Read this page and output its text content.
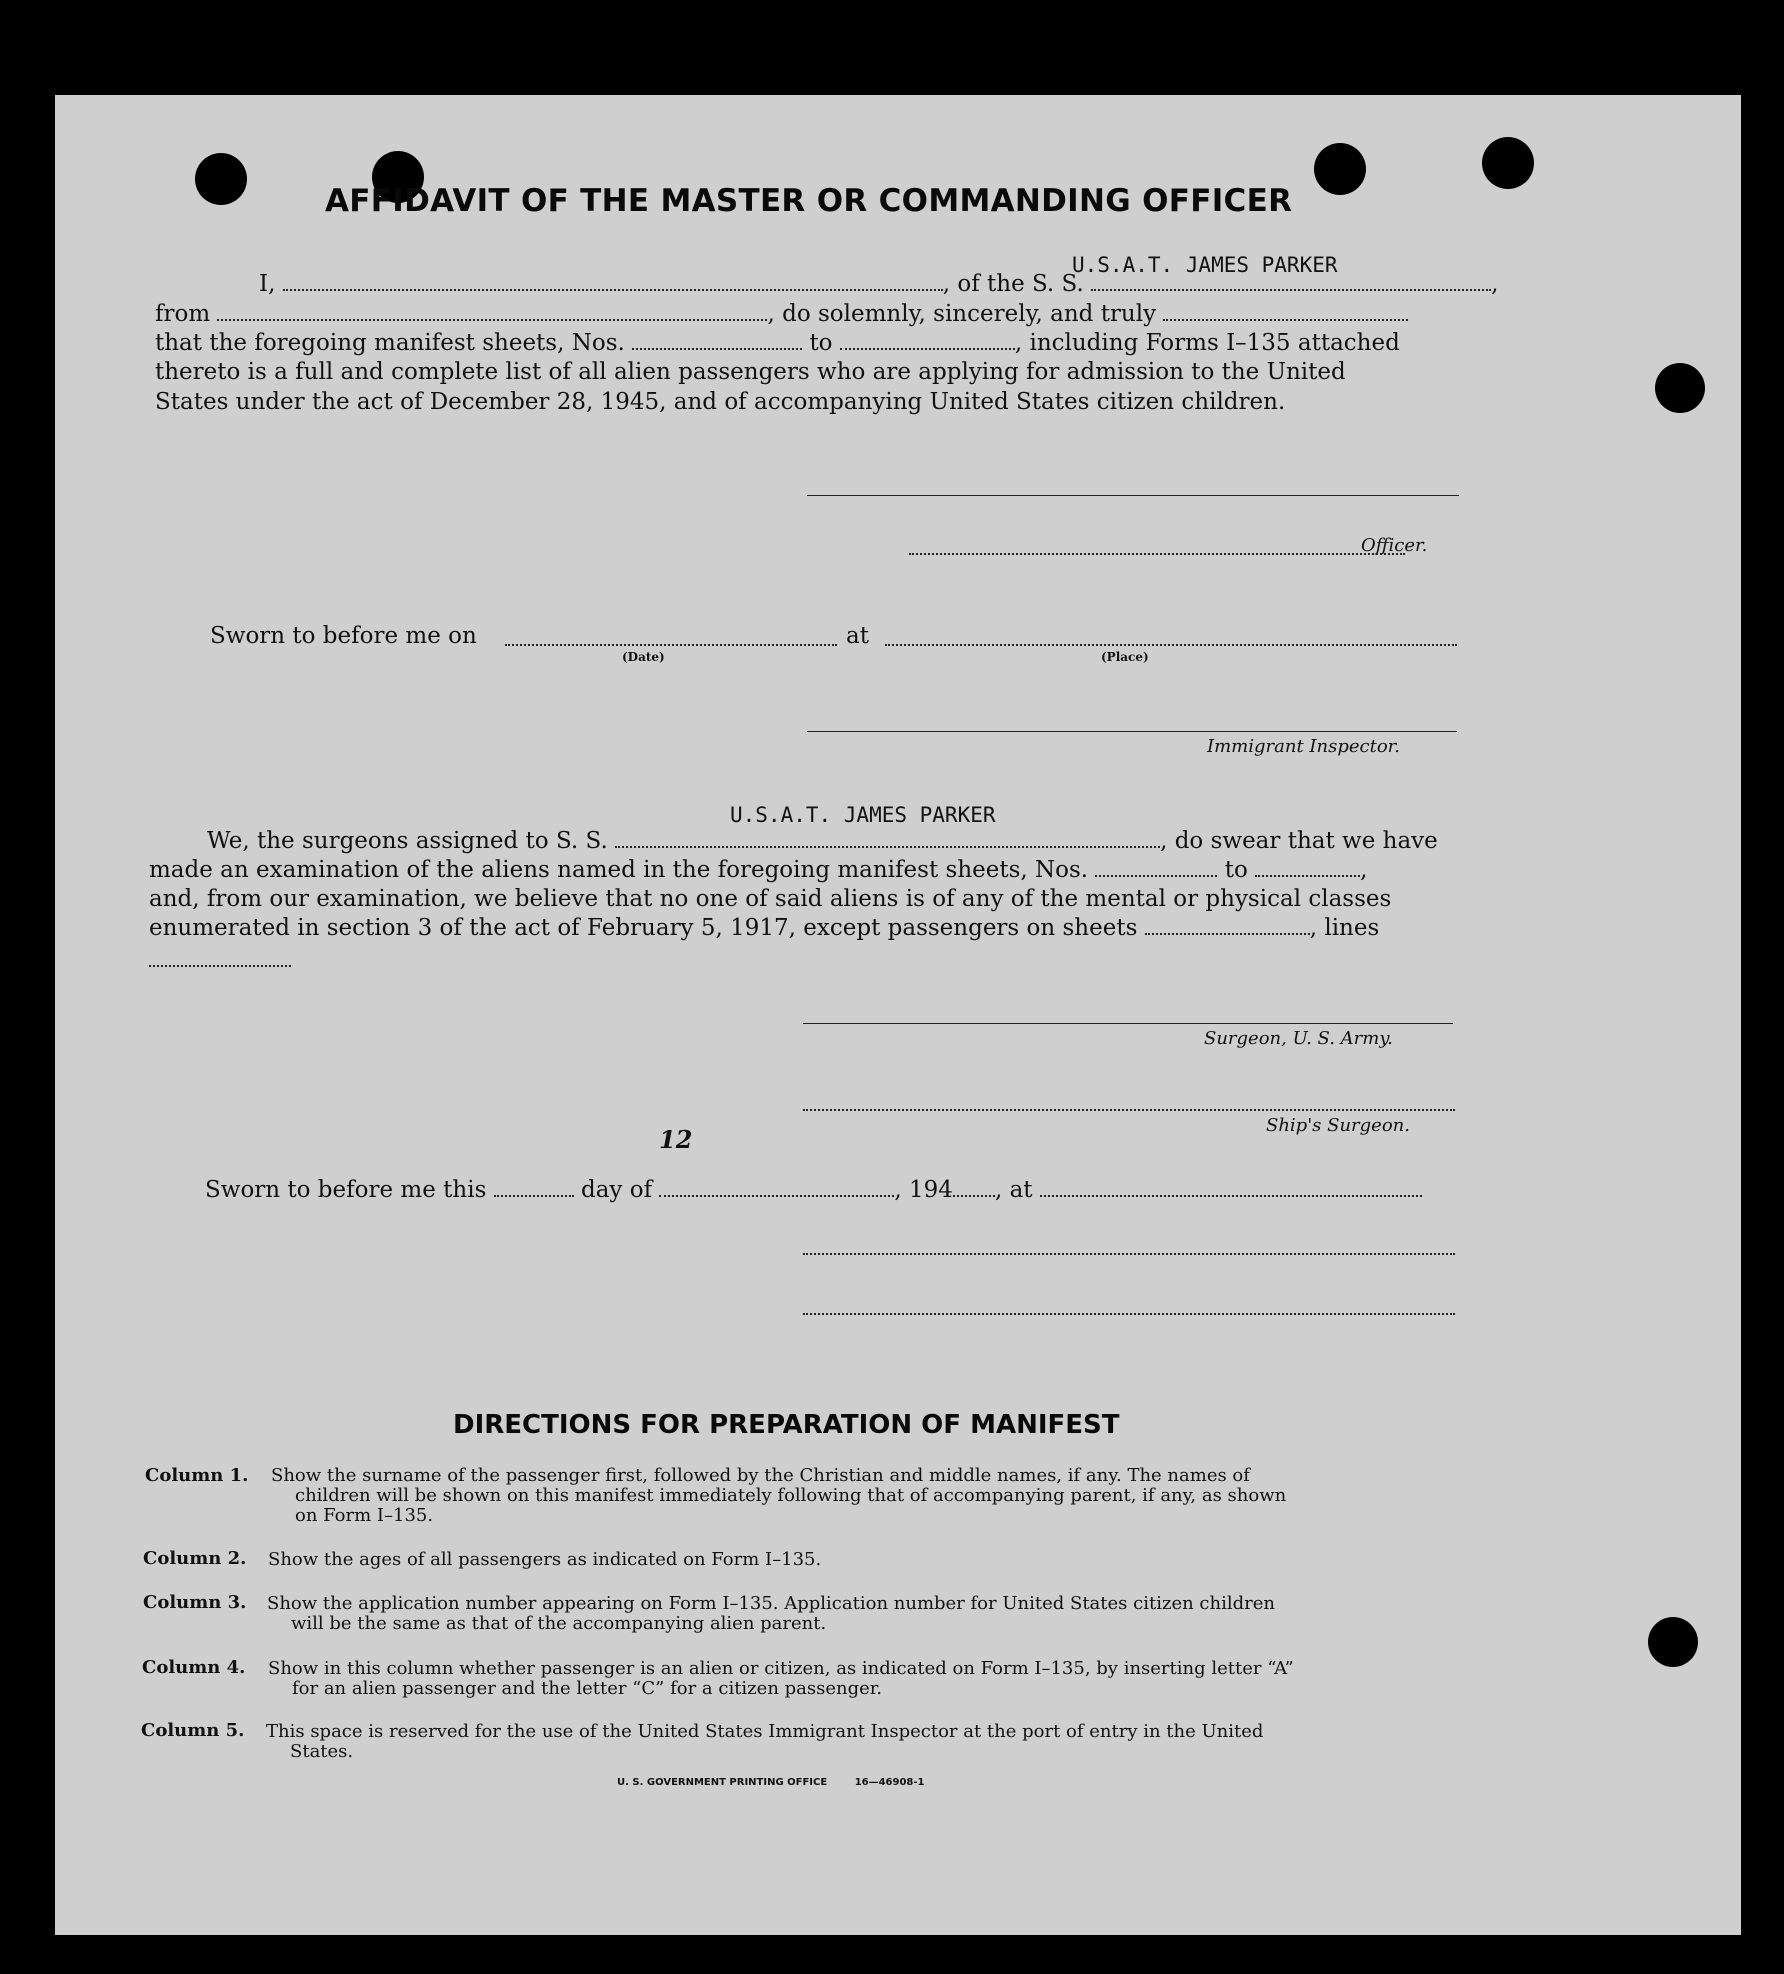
AFFIDAVIT OF THE MASTER OR COMMANDING OFFICER
U.S.A.T. JAMES PARKER
I,	, of the S. S.	,
from	, do solemnly, sincerely, and truly
that the foregoing manifest sheets, Nos.	to	, including Forms I–135 attached
thereto is a full and complete list of all alien passengers who are applying for admission to the United
States under the act of December 28, 1945, and of accompanying United States citizen children.
Officer.
Sworn to before me on	at
(Date)	(Place)
Immigrant Inspector.
U.S.A.T. JAMES PARKER
We, the surgeons assigned to S. S.	, do swear that we have
made an examination of the aliens named in the foregoing manifest sheets, Nos.	to	,
and, from our examination, we believe that no one of said aliens is of any of the mental or physical classes
enumerated in section 3 of the act of February 5, 1917, except passengers on sheets	, lines
Surgeon, U. S. Army.
Ship's Surgeon.
12
Sworn to before me this	day of	, 194 , at
DIRECTIONS FOR PREPARATION OF MANIFEST
Column 1. Show the surname of the passenger first, followed by the Christian and middle names, if any. The names of
children will be shown on this manifest immediately following that of accompanying parent, if any, as shown
on Form I–135.
Column 2. Show the ages of all passengers as indicated on Form I–135.
Column 3. Show the application number appearing on Form I–135. Application number for United States citizen children
will be the same as that of the accompanying alien parent.
Column 4. Show in this column whether passenger is an alien or citizen, as indicated on Form I–135, by inserting letter “A”
for an alien passenger and the letter “C” for a citizen passenger.
Column 5. This space is reserved for the use of the United States Immigrant Inspector at the port of entry in the United
States.
U. S. GOVERNMENT PRINTING OFFICE	16—46908-1
